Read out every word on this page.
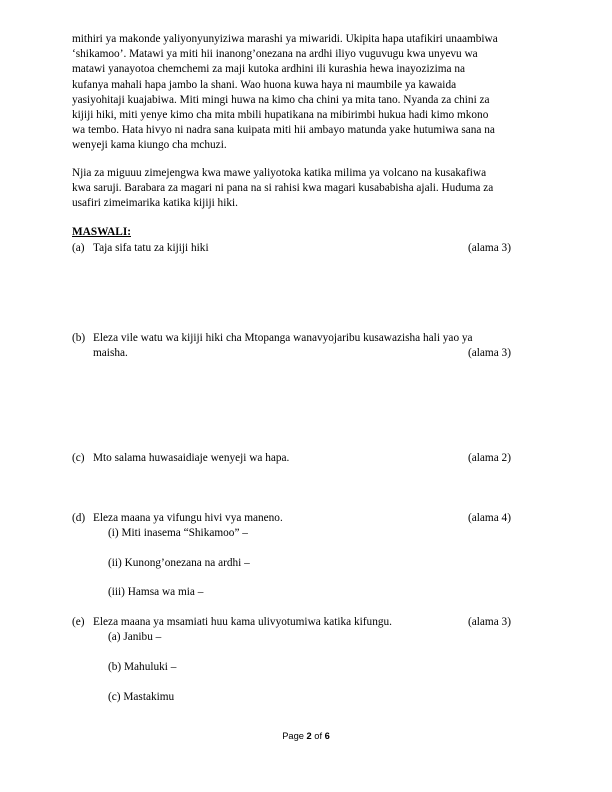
mithiri ya makonde yaliyonyunyiziwa marashi ya miwaridi. Ukipita hapa utafikiri unaambiwa
‘shikamoo’. Matawi ya miti hii inanong’onezana na ardhi iliyo vuguvugu kwa unyevu wa
matawi yanayotoa chemchemi za maji kutoka ardhini ili kurashia hewa inayozizima na
kufanya mahali hapa jambo la shani. Wao huona kuwa haya ni maumbile ya kawaida
yasiyohitaji kuajabiwa. Miti mingi huwa na kimo cha chini ya mita tano. Nyanda za chini za
kijiji hiki, miti yenye kimo cha mita mbili hupatikana na mibirimbi hukua hadi kimo mkono
wa tembo. Hata hivyo ni nadra sana kuipata miti hii ambayo matunda yake hutumiwa sana na
wenyeji kama kiungo cha mchuzi.
Njia za miguuu zimejengwa kwa mawe yaliyotoka katika milima ya volcano na kusakafiwa
kwa saruji. Barabara za magari ni pana na si rahisi kwa magari kusababisha ajali. Huduma za
usafiri zimeimarika katika kijiji hiki.
MASWALI:
(a) Taja sifa tatu za kijiji hiki	(alama 3)
(b) Eleza vile watu wa kijiji hiki cha Mtopanga wanavyojaribu kusawazisha hali yao ya
maisha.	(alama 3)
(c) Mto salama huwasaidiaje wenyeji wa hapa.	(alama 2)
(d) Eleza maana ya vifungu hivi vya maneno.	(alama 4)
(i) Miti inasema “Shikamoo” –
(ii) Kunong’onezana na ardhi –
(iii) Hamsa wa mia –
(e) Eleza maana ya msamiati huu kama ulivyotumiwa katika kifungu.	(alama 3)
(a) Janibu –
(b) Mahuluki –
(c) Mastakimu
Page 2 of 6
